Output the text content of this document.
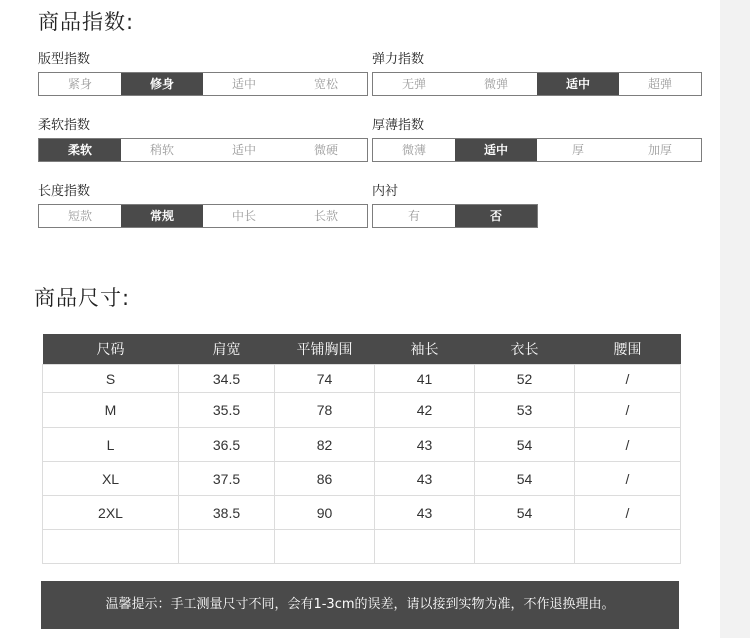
商品指数:
版型指数
紧身	修身	适中	宽松
弹力指数
无弹	微弹	适中	超弹
柔软指数
柔软	稍软	适中	微硬
厚薄指数
微薄	适中	厚	加厚
长度指数
短款	常规	中长	长款
内衬
有	否
商品尺寸:
尺码	肩宽	平铺胸围	袖长	衣长	腰围
S	34.5	74	41	52	/
M	35.5	78	42	53	/
L	36.5	82	43	54	/
XL	37.5	86	43	54	/
2XL	38.5	90	43	54	/

温馨提示：手工测量尺寸不同，会有1-3cm的误差，请以接到实物为准，不作退换理由。
